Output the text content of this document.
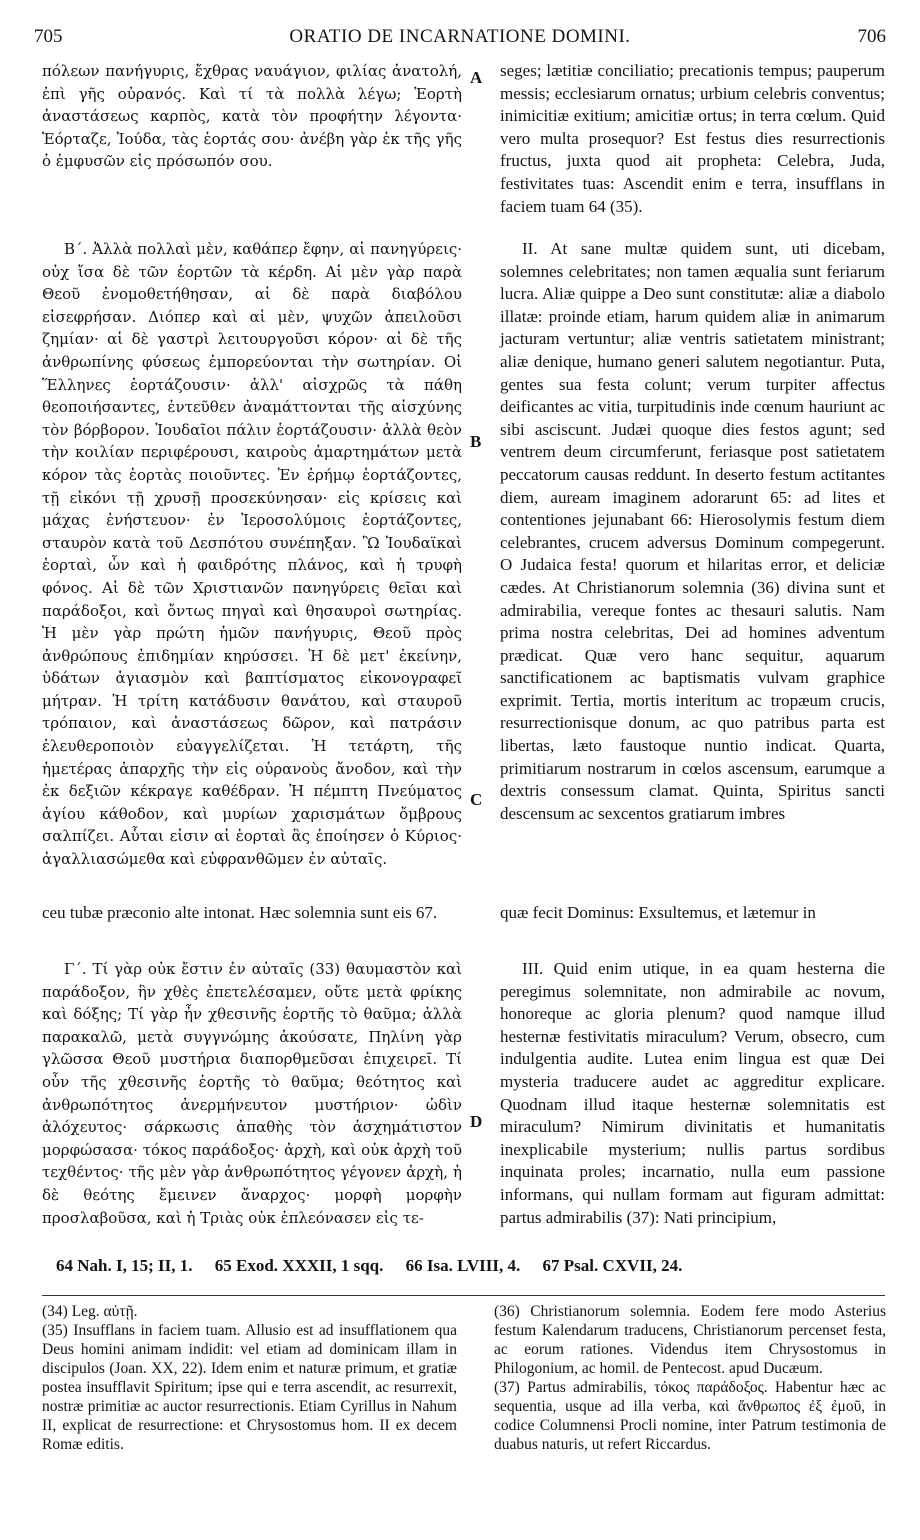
705	ORATIO DE INCARNATIONE DOMINI.	706

πόλεων πανήγυρις, ἔχθρας ναυάγιον, φιλίας ἀνατολή, ἐπὶ γῆς οὐρανός. Καὶ τί τὰ πολλὰ λέγω; Ἑορτὴ ἀναστάσεως καρπὸς, κατὰ τὸν προφήτην λέγοντα· Ἑόρταζε, Ἰούδα, τὰς ἑορτάς σου· ἀνέβη γὰρ ἐκ τῆς γῆς ὁ ἐμφυσῶν εἰς πρόσωπόν σου.

Β΄. Ἀλλὰ πολλαὶ μὲν, καθάπερ ἔφην, αἱ πανηγύρεις· οὐχ ἴσα δὲ τῶν ἑορτῶν τὰ κέρδη. Αἱ μὲν γὰρ παρὰ Θεοῦ ἐνομοθετήθησαν, αἱ δὲ παρὰ διαβόλου εἰσεφρήσαν. Διόπερ καὶ αἱ μὲν, ψυχῶν ἀπειλοῦσι ζημίαν· αἱ δὲ γαστρὶ λειτουργοῦσι κόρον· αἱ δὲ τῆς ἀνθρωπίνης φύσεως ἐμπορεύονται τὴν σωτηρίαν. Οἱ Ἕλληνες ἑορτάζουσιν· ἀλλ' αἰσχρῶς τὰ πάθη θεοποιήσαντες, ἐντεῦθεν ἀναμάττονται τῆς αἰσχύνης τὸν βόρβορον. Ἰουδαῖοι πάλιν ἑορτάζουσιν· ἀλλὰ θεὸν τὴν κοιλίαν περιφέρουσι, καιροὺς ἁμαρτημάτων μετὰ κόρον τὰς ἑορτὰς ποιοῦντες. Ἐν ἐρήμῳ ἑορτάζοντες, τῇ εἰκόνι τῇ χρυσῇ προσεκύνησαν· εἰς κρίσεις καὶ μάχας ἐνήστευον· ἐν Ἱεροσολύμοις ἑορτάζοντες, σταυρὸν κατὰ τοῦ Δεσπότου συνέπηξαν. Ὢ Ἰουδαϊκαὶ ἑορταὶ, ὧν καὶ ἡ φαιδρότης πλάνος, καὶ ἡ τρυφὴ φόνος. Αἱ δὲ τῶν Χριστιανῶν πανηγύρεις θεῖαι καὶ παράδοξοι, καὶ ὄντως πηγαὶ καὶ θησαυροὶ σωτηρίας. Ἡ μὲν γὰρ πρώτη ἡμῶν πανήγυρις, Θεοῦ πρὸς ἀνθρώπους ἐπιδημίαν κηρύσσει. Ἡ δὲ μετ' ἐκείνην, ὑδάτων ἁγιασμὸν καὶ βαπτίσματος εἰκονογραφεῖ μήτραν. Ἡ τρίτη κατάδυσιν θανάτου, καὶ σταυροῦ τρόπαιον, καὶ ἀναστάσεως δῶρον, καὶ πατράσιν ἐλευθεροποιὸν εὐαγγελίζεται. Ἡ τετάρτη, τῆς ἡμετέρας ἀπαρχῆς τὴν εἰς οὐρανοὺς ἄνοδον, καὶ τὴν ἐκ δεξιῶν κέκραγε καθέδραν. Ἡ πέμπτη Πνεύματος ἁγίου κάθοδον, καὶ μυρίων χαρισμάτων ὄμβρους σαλπίζει. Αὗται εἰσιν αἱ ἑορταὶ ἃς ἐποίησεν ὁ Κύριος· ἀγαλλιασώμεθα καὶ εὐφρανθῶμεν ἐν αὐταῖς.

ceu tubæ præconio alte intonat. Hæc solemnia sunt eis 67.

Γ΄. Τί γὰρ οὐκ ἔστιν ἐν αὐταῖς (33) θαυμαστὸν καὶ παράδοξον, ἣν χθὲς ἐπετελέσαμεν, οὔτε μετὰ φρίκης καὶ δόξης; Τί γὰρ ἦν χθεσινῆς ἑορτῆς τὸ θαῦμα; ἀλλὰ παρακαλῶ, μετὰ συγγνώμης ἀκούσατε, Πηλίνη γὰρ γλῶσσα Θεοῦ μυστήρια διαπορθμεῦσαι ἐπιχειρεῖ. Τί οὖν τῆς χθεσινῆς ἑορτῆς τὸ θαῦμα; θεότητος καὶ ἀνθρωπότητος ἀνερμήνευτον μυστήριον· ὠδὶν ἀλόχευτος· σάρκωσις ἀπαθὴς τὸν ἀσχημάτιστον μορφώσασα· τόκος παράδοξος· ἀρχὴ, καὶ οὐκ ἀρχὴ τοῦ τεχθέντος· τῆς μὲν γὰρ ἀνθρωπότητος γέγονεν ἀρχὴ, ἡ δὲ θεότης ἔμεινεν ἄναρχος· μορφὴ μορφὴν προσλαβοῦσα, καὶ ἡ Τριὰς οὐκ ἐπλεόνασεν εἰς τε-

seges; lætitiæ conciliatio; precationis tempus; pauperum messis; ecclesiarum ornatus; urbium celebris conventus; inimicitiæ exitium; amicitiæ ortus; in terra cœlum. Quid vero multa prosequor? Est festus dies resurrectionis fructus, juxta quod ait propheta: Celebra, Juda, festivitates tuas: Ascendit enim e terra, insufflans in faciem tuam 64 (35).

II. At sane multæ quidem sunt, uti dicebam, solemnes celebritates; non tamen æqualia sunt feriarum lucra. Aliæ quippe a Deo sunt constitutæ: aliæ a diabolo illatæ: proinde etiam, harum quidem aliæ in animarum jacturam vertuntur; aliæ ventris satietatem ministrant; aliæ denique, humano generi salutem negotiantur. Puta, gentes sua festa colunt; verum turpiter affectus deificantes ac vitia, turpitudinis inde cœnum hauriunt ac sibi asciscunt. Judæi quoque dies festos agunt; sed ventrem deum circumferunt, feriasque post satietatem peccatorum causas reddunt. In deserto festum actitantes diem, auream imaginem adorarunt 65: ad lites et contentiones jejunabant 66: Hierosolymis festum diem celebrantes, crucem adversus Dominum compegerunt. O Judaica festa! quorum et hilaritas error, et deliciæ cædes. At Christianorum solemnia (36) divina sunt et admirabilia, vereque fontes ac thesauri salutis. Nam prima nostra celebritas, Dei ad homines adventum prædicat. Quæ vero hanc sequitur, aquarum sanctificationem ac baptismatis vulvam graphice exprimit. Tertia, mortis interitum ac tropæum crucis, resurrectionisque donum, ac quo patribus parta est libertas, læto faustoque nuntio indicat. Quarta, primitiarum nostrarum in cœlos ascensum, earumque a dextris consessum clamat. Quinta, Spiritus sancti descensum ac sexcentos gratiarum imbres

quæ fecit Dominus: Exsultemus, et lætemur in

III. Quid enim utique, in ea quam hesterna die peregimus solemnitate, non admirabile ac novum, honoreque ac gloria plenum? quod namque illud hesternæ festivitatis miraculum? Verum, obsecro, cum indulgentia audite. Lutea enim lingua est quæ Dei mysteria traducere audet ac aggreditur explicare. Quodnam illud itaque hesternæ solemnitatis est miraculum? Nimirum divinitatis et humanitatis inexplicabile mysterium; nullis partus sordibus inquinata proles; incarnatio, nulla eum passione informans, qui nullam formam aut figuram admittat: partus admirabilis (37): Nati principium,

A
B
C
D
64 Nah. I, 15; II, 1. 65 Exod. XXXII, 1 sqq. 66 Isa. LVIII, 4. 67 Psal. CXVII, 24.

(34) Leg. αὐτῇ.

(35) Insufflans in faciem tuam. Allusio est ad insufflationem qua Deus homini animam indidit: vel etiam ad dominicam illam in discipulos (Joan. XX, 22). Idem enim et naturæ primum, et gratiæ postea insufflavit Spiritum; ipse qui e terra ascendit, ac resurrexit, nostræ primitiæ ac auctor resurrectionis. Etiam Cyrillus in Nahum II, explicat de resurrectione: et Chrysostomus hom. II ex decem Romæ editis.

(36) Christianorum solemnia. Eodem fere modo Asterius festum Kalendarum traducens, Christianorum percenset festa, ac eorum rationes. Videndus item Chrysostomus in Philogonium, ac homil. de Pentecost. apud Ducæum.

(37) Partus admirabilis, τόκος παράδοξος. Habentur hæc ac sequentia, usque ad illa verba, καὶ ἄνθρωπος ἐξ ἐμοῦ, in codice Columnensi Procli nomine, inter Patrum testimonia de duabus naturis, ut refert Riccardus.
